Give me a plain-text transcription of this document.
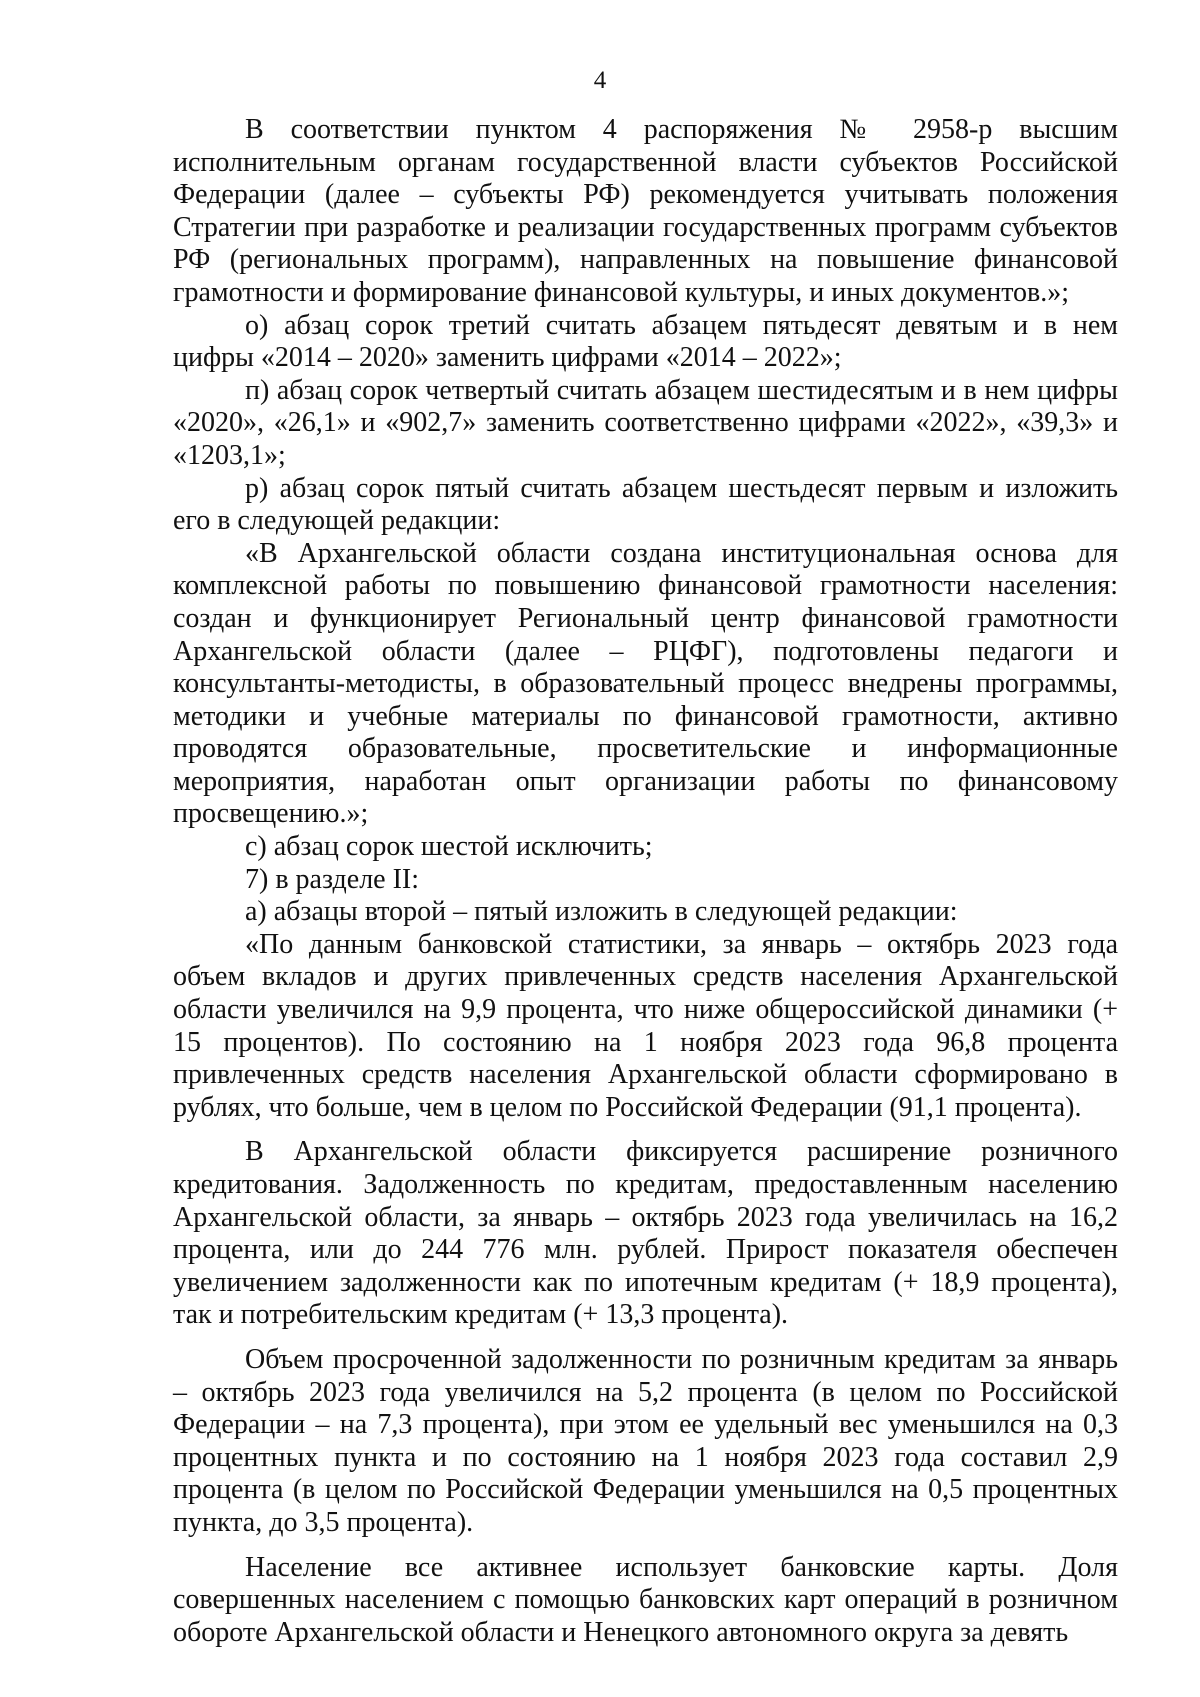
4

В соответствии пунктом 4 распоряжения № 2958-р высшим исполнительным органам государственной власти субъектов Российской Федерации (далее – субъекты РФ) рекомендуется учитывать положения Стратегии при разработке и реализации государственных программ субъектов РФ (региональных программ), направленных на повышение финансовой грамотности и формирование финансовой культуры, и иных документов.»;

о) абзац сорок третий считать абзацем пятьдесят девятым и в нем цифры «2014 – 2020» заменить цифрами «2014 – 2022»;

п) абзац сорок четвертый считать абзацем шестидесятым и в нем цифры «2020», «26,1» и «902,7» заменить соответственно цифрами «2022», «39,3» и «1203,1»;

р) абзац сорок пятый считать абзацем шестьдесят первым и изложить его в следующей редакции:

«В Архангельской области создана институциональная основа для комплексной работы по повышению финансовой грамотности населения: создан и функционирует Региональный центр финансовой грамотности Архангельской области (далее – РЦФГ), подготовлены педагоги и консультанты-методисты, в образовательный процесс внедрены программы, методики и учебные материалы по финансовой грамотности, активно проводятся образовательные, просветительские и информационные мероприятия, наработан опыт организации работы по финансовому просвещению.»;

с) абзац сорок шестой исключить;

7) в разделе II:

а) абзацы второй – пятый изложить в следующей редакции:

«По данным банковской статистики, за январь – октябрь 2023 года объем вкладов и других привлеченных средств населения Архангельской области увеличился на 9,9 процента, что ниже общероссийской динамики (+ 15 процентов). По состоянию на 1 ноября 2023 года 96,8 процента привлеченных средств населения Архангельской области сформировано в рублях, что больше, чем в целом по Российской Федерации (91,1 процента).

В Архангельской области фиксируется расширение розничного кредитования. Задолженность по кредитам, предоставленным населению Архангельской области, за январь – октябрь 2023 года увеличилась на 16,2 процента, или до 244 776 млн. рублей. Прирост показателя обеспечен увеличением задолженности как по ипотечным кредитам (+ 18,9 процента), так и потребительским кредитам (+ 13,3 процента).

Объем просроченной задолженности по розничным кредитам за январь – октябрь 2023 года увеличился на 5,2 процента (в целом по Российской Федерации – на 7,3 процента), при этом ее удельный вес уменьшился на 0,3 процентных пункта и по состоянию на 1 ноября 2023 года составил 2,9 процента (в целом по Российской Федерации уменьшился на 0,5 процентных пункта, до 3,5 процента).

Население все активнее использует банковские карты. Доля совершенных населением с помощью банковских карт операций в розничном обороте Архангельской области и Ненецкого автономного округа за девять
